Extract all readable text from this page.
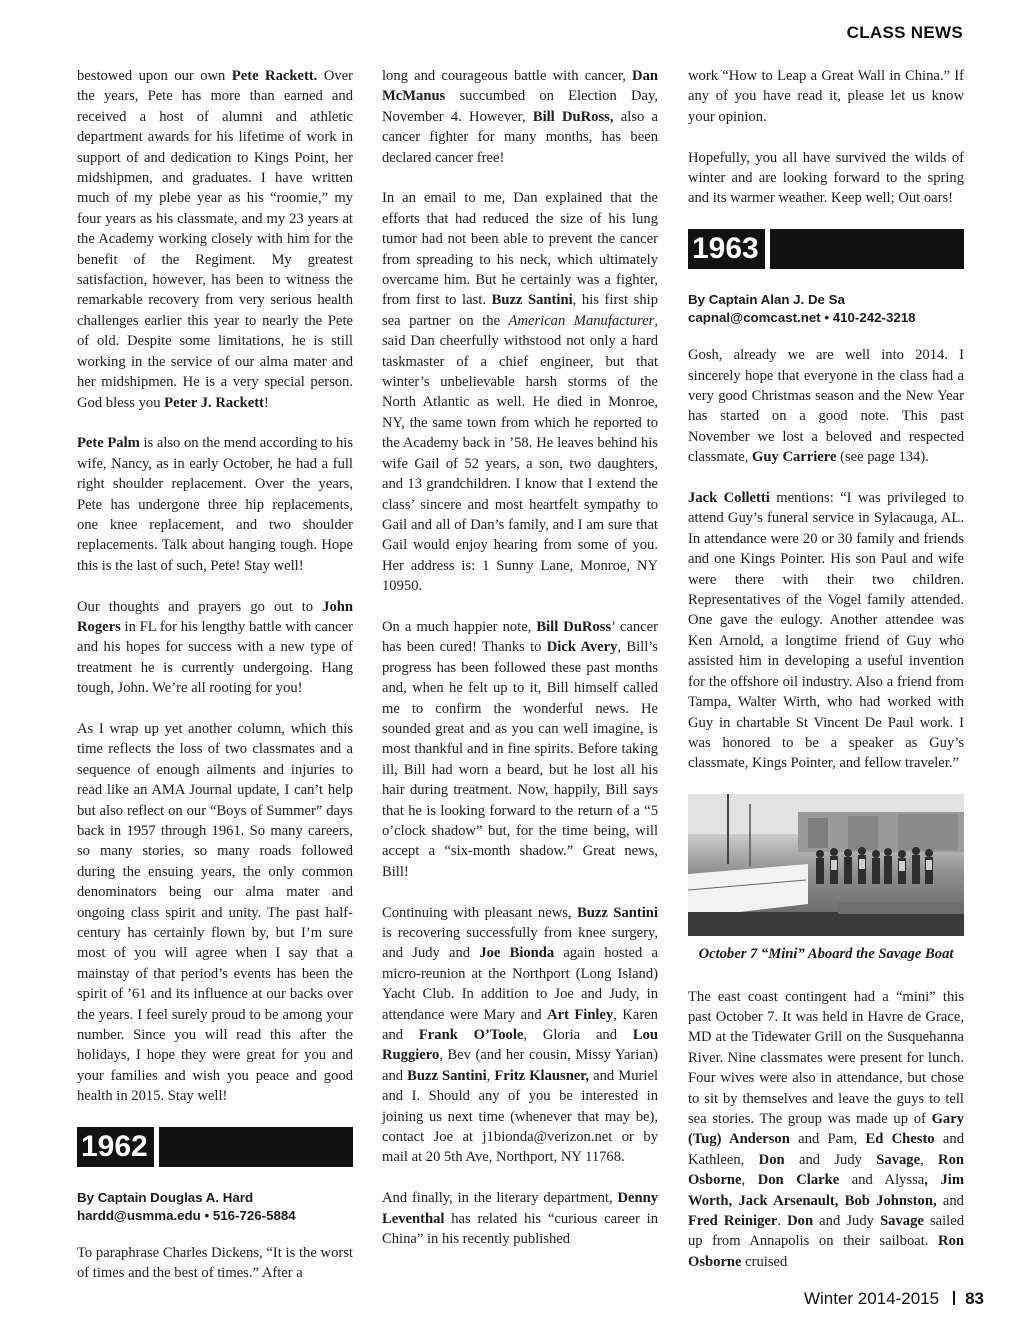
CLASS NEWS

bestowed upon our own Pete Rackett. Over the years, Pete has more than earned and received a host of alumni and athletic department awards for his lifetime of work in support of and dedication to Kings Point, her midshipmen, and graduates. I have written much of my plebe year as his “roomie,” my four years as his classmate, and my 23 years at the Academy working closely with him for the benefit of the Regiment. My greatest satisfaction, however, has been to witness the remarkable recovery from very serious health challenges earlier this year to nearly the Pete of old. Despite some limitations, he is still working in the service of our alma mater and her midshipmen. He is a very special person. God bless you Peter J. Rackett!

Pete Palm is also on the mend according to his wife, Nancy, as in early October, he had a full right shoulder replacement. Over the years, Pete has undergone three hip replacements, one knee replacement, and two shoulder replacements. Talk about hanging tough. Hope this is the last of such, Pete! Stay well!

Our thoughts and prayers go out to John Rogers in FL for his lengthy battle with cancer and his hopes for success with a new type of treatment he is currently undergoing. Hang tough, John. We’re all rooting for you!

As I wrap up yet another column, which this time reflects the loss of two classmates and a sequence of enough ailments and injuries to read like an AMA Journal update, I can’t help but also reflect on our “Boys of Summer” days back in 1957 through 1961. So many careers, so many stories, so many roads followed during the ensuing years, the only common denominators being our alma mater and ongoing class spirit and unity. The past half-century has certainly flown by, but I’m sure most of you will agree when I say that a mainstay of that period’s events has been the spirit of ’61 and its influence at our backs over the years. I feel surely proud to be among your number. Since you will read this after the holidays, I hope they were great for you and your families and wish you peace and good health in 2015. Stay well!

1962
By Captain Douglas A. Hard
hardd@usmma.edu • 516-726-5884

To paraphrase Charles Dickens, “It is the worst of times and the best of times.” After a

long and courageous battle with cancer, Dan McManus succumbed on Election Day, November 4. However, Bill DuRoss, also a cancer fighter for many months, has been declared cancer free!

In an email to me, Dan explained that the efforts that had reduced the size of his lung tumor had not been able to prevent the cancer from spreading to his neck, which ultimately overcame him. But he certainly was a fighter, from first to last. Buzz Santini, his first ship sea partner on the American Manufacturer, said Dan cheerfully withstood not only a hard taskmaster of a chief engineer, but that winter’s unbelievable harsh storms of the North Atlantic as well. He died in Monroe, NY, the same town from which he reported to the Academy back in ’58. He leaves behind his wife Gail of 52 years, a son, two daughters, and 13 grandchildren. I know that I extend the class’ sincere and most heartfelt sympathy to Gail and all of Dan’s family, and I am sure that Gail would enjoy hearing from some of you. Her address is: 1 Sunny Lane, Monroe, NY 10950.

On a much happier note, Bill DuRoss’ cancer has been cured! Thanks to Dick Avery, Bill’s progress has been followed these past months and, when he felt up to it, Bill himself called me to confirm the wonderful news. He sounded great and as you can well imagine, is most thankful and in fine spirits. Before taking ill, Bill had worn a beard, but he lost all his hair during treatment. Now, happily, Bill says that he is looking forward to the return of a “5 o’clock shadow” but, for the time being, will accept a “six-month shadow.” Great news, Bill!

Continuing with pleasant news, Buzz Santini is recovering successfully from knee surgery, and Judy and Joe Bionda again hosted a micro-reunion at the Northport (Long Island) Yacht Club. In addition to Joe and Judy, in attendance were Mary and Art Finley, Karen and Frank O’Toole, Gloria and Lou Ruggiero, Bev (and her cousin, Missy Yarian) and Buzz Santini, Fritz Klausner, and Muriel and I. Should any of you be interested in joining us next time (whenever that may be), contact Joe at j1bionda@verizon.net or by mail at 20 5th Ave, Northport, NY 11768.

And finally, in the literary department, Denny Leventhal has related his “curious career in China” in his recently published

work “How to Leap a Great Wall in China.” If any of you have read it, please let us know your opinion.

Hopefully, you all have survived the wilds of winter and are looking forward to the spring and its warmer weather. Keep well; Out oars!

1963
By Captain Alan J. De Sa
capnal@comcast.net • 410-242-3218

Gosh, already we are well into 2014. I sincerely hope that everyone in the class had a very good Christmas season and the New Year has started on a good note. This past November we lost a beloved and respected classmate, Guy Carriere (see page 134).

Jack Colletti mentions: “I was privileged to attend Guy’s funeral service in Sylacauga, AL. In attendance were 20 or 30 family and friends and one Kings Pointer. His son Paul and wife were there with their two children. Representatives of the Vogel family attended. One gave the eulogy. Another attendee was Ken Arnold, a longtime friend of Guy who assisted him in developing a useful invention for the offshore oil industry. Also a friend from Tampa, Walter Wirth, who had worked with Guy in chartable St Vincent De Paul work. I was honored to be a speaker as Guy’s classmate, Kings Pointer, and fellow traveler.”

October 7 “Mini” Aboard the Savage Boat

The east coast contingent had a “mini” this past October 7. It was held in Havre de Grace, MD at the Tidewater Grill on the Susquehanna River. Nine classmates were present for lunch. Four wives were also in attendance, but chose to sit by themselves and leave the guys to tell sea stories. The group was made up of Gary (Tug) Anderson and Pam, Ed Chesto and Kathleen, Don and Judy Savage, Ron Osborne, Don Clarke and Alyssa, Jim Worth, Jack Arsenault, Bob Johnston, and Fred Reiniger. Don and Judy Savage sailed up from Annapolis on their sailboat. Ron Osborne cruised

Winter 2014-2015 83
